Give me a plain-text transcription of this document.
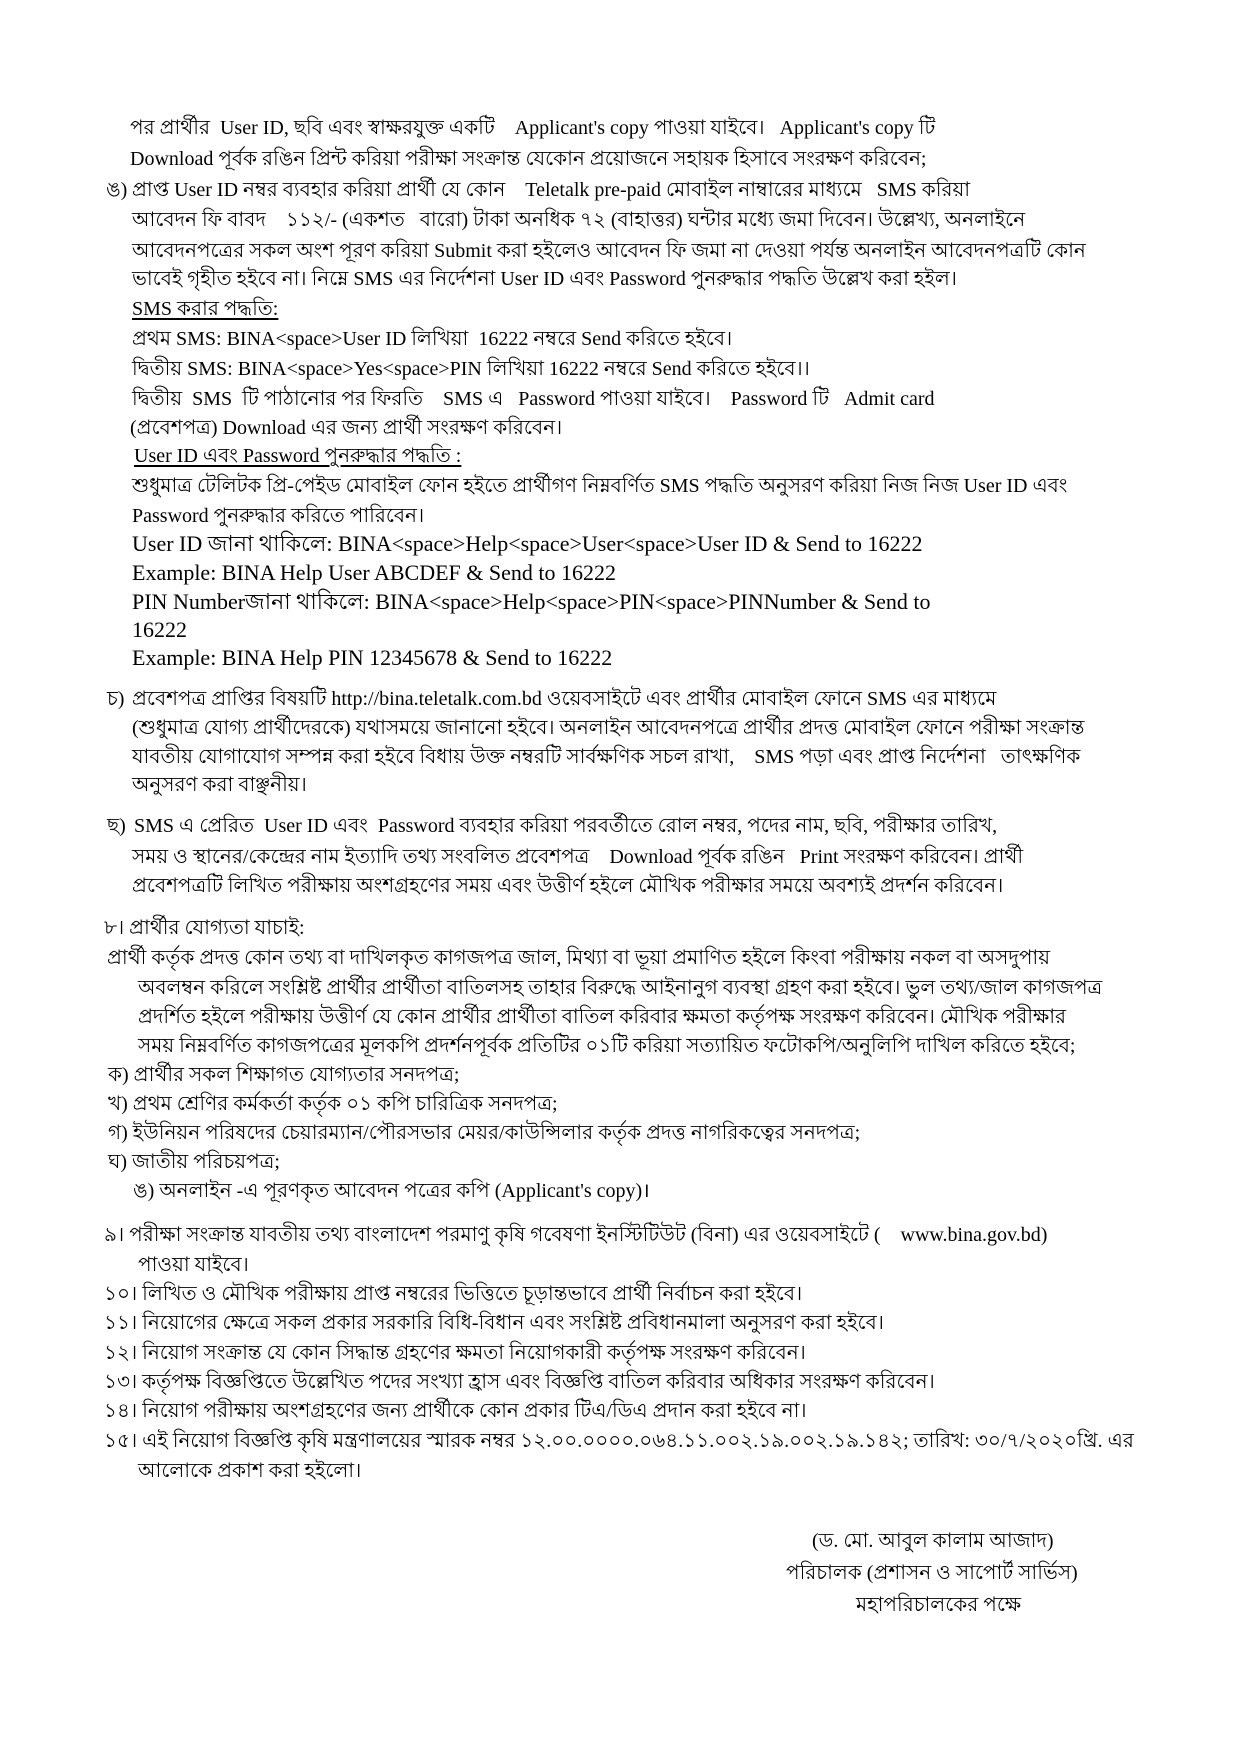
পর প্রার্থীর  User ID, ছবি এবং স্বাক্ষরযুক্ত একটি    Applicant's copy পাওয়া যাইবে।   Applicant's copy টি
Download পূর্বক রঙিন প্রিন্ট করিয়া পরীক্ষা সংক্রান্ত যেকোন প্রয়োজনে সহায়ক হিসাবে সংরক্ষণ করিবেন;
ঙ) প্রাপ্ত User ID নম্বর ব্যবহার করিয়া প্রার্থী যে কোন    Teletalk pre-paid মোবাইল নাম্বারের মাধ্যমে   SMS করিয়া
আবেদন ফি বাবদ    ১১২/- (একশত   বারো) টাকা অনধিক ৭২ (বাহাত্তর) ঘন্টার মধ্যে জমা দিবেন। উল্লেখ্য, অনলাইনে
আবেদনপত্রের সকল অংশ পূরণ করিয়া Submit করা হইলেও আবেদন ফি জমা না দেওয়া পর্যন্ত অনলাইন আবেদনপত্রটি কোন
ভাবেই গৃহীত হইবে না। নিম্নে SMS এর নির্দেশনা User ID এবং Password পুনরুদ্ধার পদ্ধতি উল্লেখ করা হইল।
SMS করার পদ্ধতি:
প্রথম SMS: BINA<space>User ID লিখিয়া  16222 নম্বরে Send করিতে হইবে।
দ্বিতীয় SMS: BINA<space>Yes<space>PIN লিখিয়া 16222 নম্বরে Send করিতে হইবে।।
দ্বিতীয়  SMS  টি পাঠানোর পর ফিরতি    SMS এ   Password পাওয়া যাইবে।    Password টি   Admit card
(প্রবেশপত্র) Download এর জন্য প্রার্থী সংরক্ষণ করিবেন।
User ID এবং Password পুনরুদ্ধার পদ্ধতি :
শুধুমাত্র টেলিটক প্রি-পেইড মোবাইল ফোন হইতে প্রার্থীগণ নিম্নবর্ণিত SMS পদ্ধতি অনুসরণ করিয়া নিজ নিজ User ID এবং
Password পুনরুদ্ধার করিতে পারিবেন।
User ID জানা থাকিলে: BINA<space>Help<space>User<space>User ID & Send to 16222
Example: BINA Help User ABCDEF & Send to 16222
PIN Numberজানা থাকিলে: BINA<space>Help<space>PIN<space>PINNumber & Send to
16222
Example: BINA Help PIN 12345678 & Send to 16222
চ) প্রবেশপত্র প্রাপ্তির বিষয়টি http://bina.teletalk.com.bd ওয়েবসাইটে এবং প্রার্থীর মোবাইল ফোনে SMS এর মাধ্যমে
(শুধুমাত্র যোগ্য প্রার্থীদেরকে) যথাসময়ে জানানো হইবে। অনলাইন আবেদনপত্রে প্রার্থীর প্রদত্ত মোবাইল ফোনে পরীক্ষা সংক্রান্ত
যাবতীয় যোগাযোগ সম্পন্ন করা হইবে বিধায় উক্ত নম্বরটি সার্বক্ষণিক সচল রাখা,    SMS পড়া এবং প্রাপ্ত নির্দেশনা   তাৎক্ষণিক
অনুসরণ করা বাঞ্ছনীয়।
ছ) SMS এ প্রেরিত  User ID এবং  Password ব্যবহার করিয়া পরবর্তীতে রোল নম্বর, পদের নাম, ছবি, পরীক্ষার তারিখ,
সময় ও স্থানের/কেন্দ্রের নাম ইত্যাদি তথ্য সংবলিত প্রবেশপত্র    Download পূর্বক রঙিন   Print সংরক্ষণ করিবেন। প্রার্থী
প্রবেশপত্রটি লিখিত পরীক্ষায় অংশগ্রহণের সময় এবং উত্তীর্ণ হইলে মৌখিক পরীক্ষার সময়ে অবশ্যই প্রদর্শন করিবেন।
৮। প্রার্থীর যোগ্যতা যাচাই:
প্রার্থী কর্তৃক প্রদত্ত কোন তথ্য বা দাখিলকৃত কাগজপত্র জাল, মিথ্যা বা ভূয়া প্রমাণিত হইলে কিংবা পরীক্ষায় নকল বা অসদুপায়
অবলম্বন করিলে সংশ্লিষ্ট প্রার্থীর প্রার্থীতা বাতিলসহ তাহার বিরুদ্ধে আইনানুগ ব্যবস্থা গ্রহণ করা হইবে। ভুল তথ্য/জাল কাগজপত্র
প্রদর্শিত হইলে পরীক্ষায় উত্তীর্ণ যে কোন প্রার্থীর প্রার্থীতা বাতিল করিবার ক্ষমতা কর্তৃপক্ষ সংরক্ষণ করিবেন। মৌখিক পরীক্ষার
সময় নিম্নবর্ণিত কাগজপত্রের মূলকপি প্রদর্শনপূর্বক প্রতিটির ০১টি করিয়া সত্যায়িত ফটোকপি/অনুলিপি দাখিল করিতে হইবে;
ক) প্রার্থীর সকল শিক্ষাগত যোগ্যতার সনদপত্র;
খ) প্রথম শ্রেণির কর্মকর্তা কর্তৃক ০১ কপি চারিত্রিক সনদপত্র;
গ) ইউনিয়ন পরিষদের চেয়ারম্যান/পৌরসভার মেয়র/কাউন্সিলার কর্তৃক প্রদত্ত নাগরিকত্বের সনদপত্র;
ঘ) জাতীয় পরিচয়পত্র;
ঙ) অনলাইন -এ পূরণকৃত আবেদন পত্রের কপি (Applicant's copy)।
৯। পরীক্ষা সংক্রান্ত যাবতীয় তথ্য বাংলাদেশ পরমাণু কৃষি গবেষণা ইনস্টিটিউট (বিনা) এর ওয়েবসাইটে (    www.bina.gov.bd)
পাওয়া যাইবে।
১০। লিখিত ও মৌখিক পরীক্ষায় প্রাপ্ত নম্বরের ভিত্তিতে চূড়ান্তভাবে প্রার্থী নির্বাচন করা হইবে।
১১। নিয়োগের ক্ষেত্রে সকল প্রকার সরকারি বিধি-বিধান এবং সংশ্লিষ্ট প্রবিধানমালা অনুসরণ করা হইবে।
১২। নিয়োগ সংক্রান্ত যে কোন সিদ্ধান্ত গ্রহণের ক্ষমতা নিয়োগকারী কর্তৃপক্ষ সংরক্ষণ করিবেন।
১৩। কর্তৃপক্ষ বিজ্ঞপ্তিতে উল্লেখিত পদের সংখ্যা হ্রাস এবং বিজ্ঞপ্তি বাতিল করিবার অধিকার সংরক্ষণ করিবেন।
১৪। নিয়োগ পরীক্ষায় অংশগ্রহণের জন্য প্রার্থীকে কোন প্রকার টিএ/ডিএ প্রদান করা হইবে না।
১৫। এই নিয়োগ বিজ্ঞপ্তি কৃষি মন্ত্রণালয়ের স্মারক নম্বর ১২.০০.০০০০.০৬৪.১১.০০২.১৯.০০২.১৯.১৪২; তারিখ: ৩০/৭/২০২০খ্রি. এর
আলোকে প্রকাশ করা হইলো।
(ড. মো. আবুল কালাম আজাদ)
পরিচালক (প্রশাসন ও সাপোর্ট সার্ভিস)
মহাপরিচালকের পক্ষে
